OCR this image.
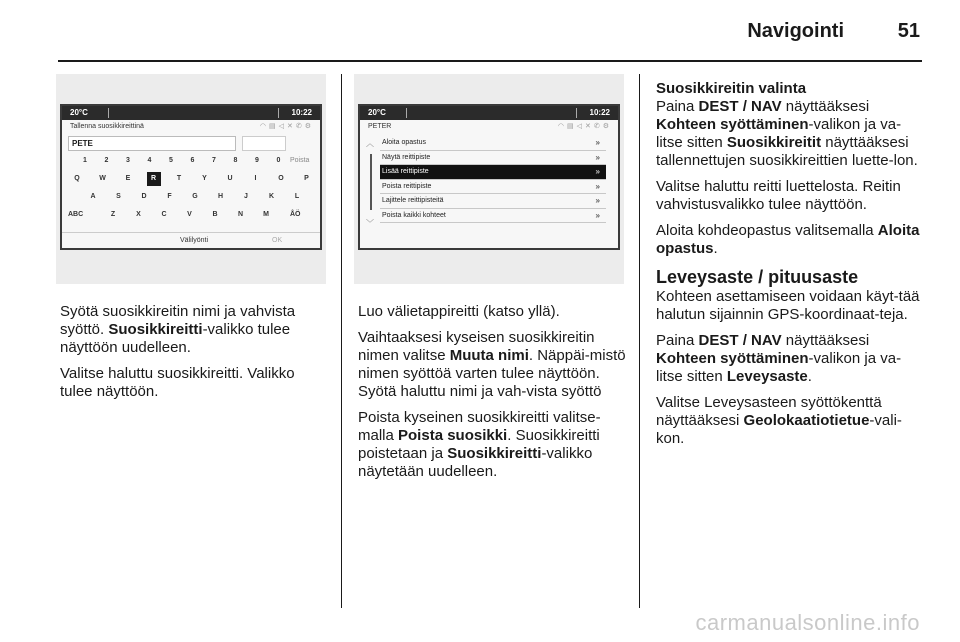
Navigointi	51
20°C	10:22
Tallenna suosikkireittinä	◠▤◁✕✆⚙
PETE
1	2	3	4	5	6	7	8	9	0	Poista
Q	W	E	R	T	Y	U	I	O	P
A	S	D	F	G	H	J	K	L
Z	X	C	V	B	N	M
ABC	ÅÖ
Välilyönti	OK
20°C	10:22
PETER	◠▤◁✕✆⚙
︿
﹀
Aloita opastus	»
Näytä reittipiste	»
Lisää reittipiste	»
Poista reittipiste	»
Lajittele reittipisteitä	»
Poista kaikki kohteet	»

Syötä suosikkireitin nimi ja vahvista syöttö. Suosikkireitti-valikko tulee näyttöön uudelleen.

Valitse haluttu suosikkireitti. Valikko tulee näyttöön.

Luo välietappireitti (katso yllä).

Vaihtaaksesi kyseisen suosikkireitin nimen valitse Muuta nimi. Näppäi-mistö nimen syöttöä varten tulee näyttöön. Syötä haluttu nimi ja vah-vista syöttö

Poista kyseinen suosikkireitti valitse-malla Poista suosikki. Suosikkireitti poistetaan ja Suosikkireitti-valikko näytetään uudelleen.

Suosikkireitin valinta

Paina DEST / NAV näyttääksesi Kohteen syöttäminen-valikon ja va-litse sitten Suosikkireitit näyttääksesi tallennettujen suosikkireittien luette-lon.

Valitse haluttu reitti luettelosta. Reitin vahvistusvalikko tulee näyttöön.

Aloita kohdeopastus valitsemalla Aloita opastus.

Leveysaste / pituusaste

Kohteen asettamiseen voidaan käyt-tää halutun sijainnin GPS-koordinaat-teja.

Paina DEST / NAV näyttääksesi Kohteen syöttäminen-valikon ja va-litse sitten Leveysaste.

Valitse Leveysasteen syöttökenttä näyttääksesi Geolokaatiotietue-vali-kon.

carmanualsonline.info
